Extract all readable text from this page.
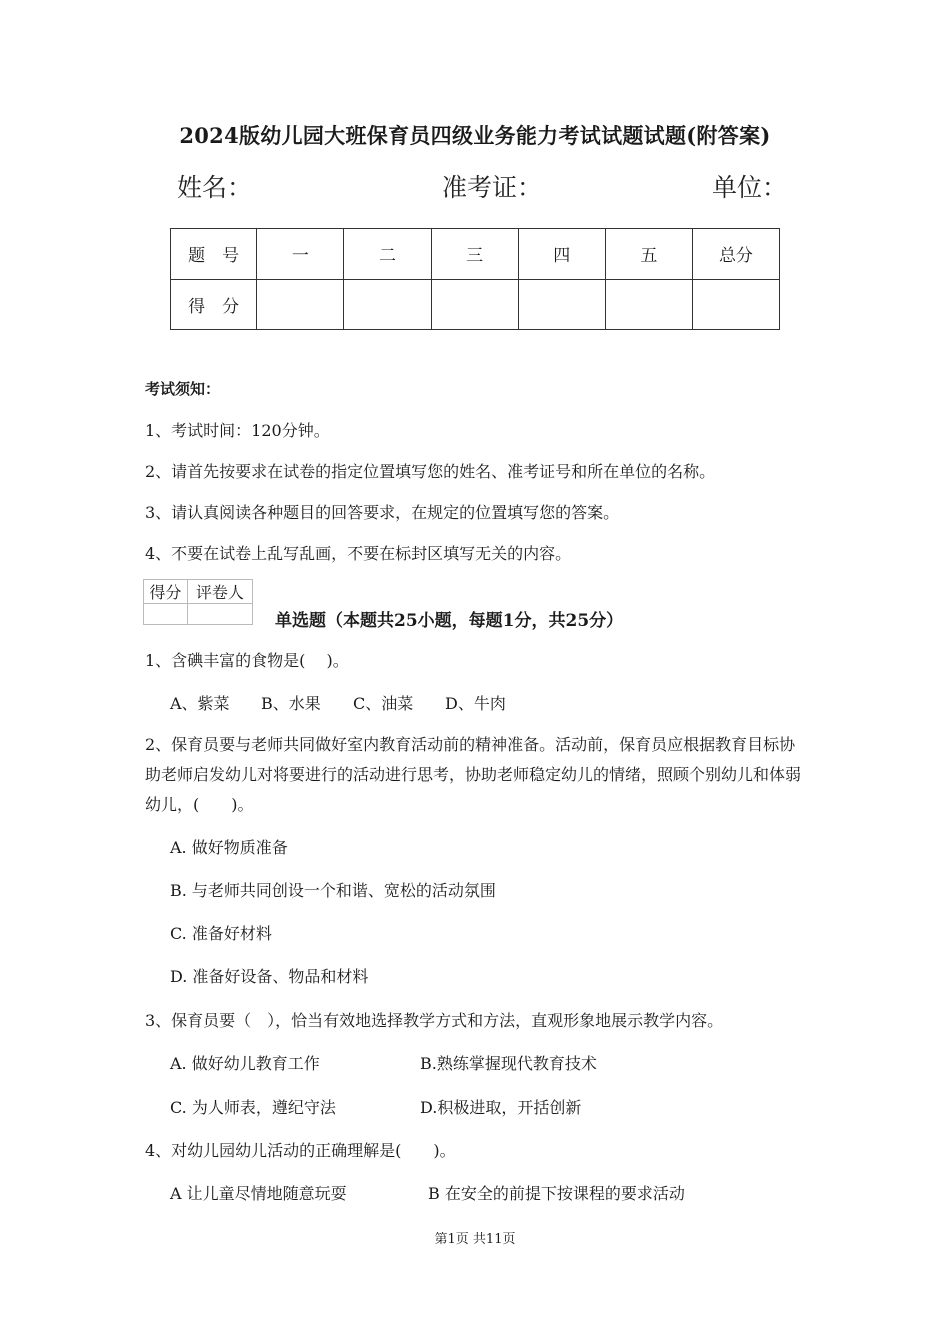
2024版幼儿园大班保育员四级业务能力考试试题试题(附答案)
姓名：	准考证：	单位：
题　号	一	二	三	四	五	总分
得　分						
考试须知：
1、考试时间：120分钟。
2、请首先按要求在试卷的指定位置填写您的姓名、准考证号和所在单位的名称。
3、请认真阅读各种题目的回答要求，在规定的位置填写您的答案。
4、不要在试卷上乱写乱画，不要在标封区填写无关的内容。
得分	评卷人

单选题（本题共25小题，每题1分，共25分）
1、含碘丰富的食物是(　 )。
A、紫菜 B、水果 C、油菜 D、牛肉
2、保育员要与老师共同做好室内教育活动前的精神准备。活动前，保育员应根据教育目标协助老师启发幼儿对将要进行的活动进行思考，协助老师稳定幼儿的情绪，照顾个别幼儿和体弱幼儿，(　　)。
A. 做好物质准备
B. 与老师共同创设一个和谐、宽松的活动氛围
C. 准备好材料
D. 准备好设备、物品和材料
3、保育员要（　），恰当有效地选择教学方式和方法，直观形象地展示教学内容。
A. 做好幼儿教育工作	B.熟练掌握现代教育技术
C. 为人师表，遵纪守法	D.积极进取，开括创新
4、对幼儿园幼儿活动的正确理解是(　　)。
A 让儿童尽情地随意玩耍	B 在安全的前提下按课程的要求活动
第1页 共11页
